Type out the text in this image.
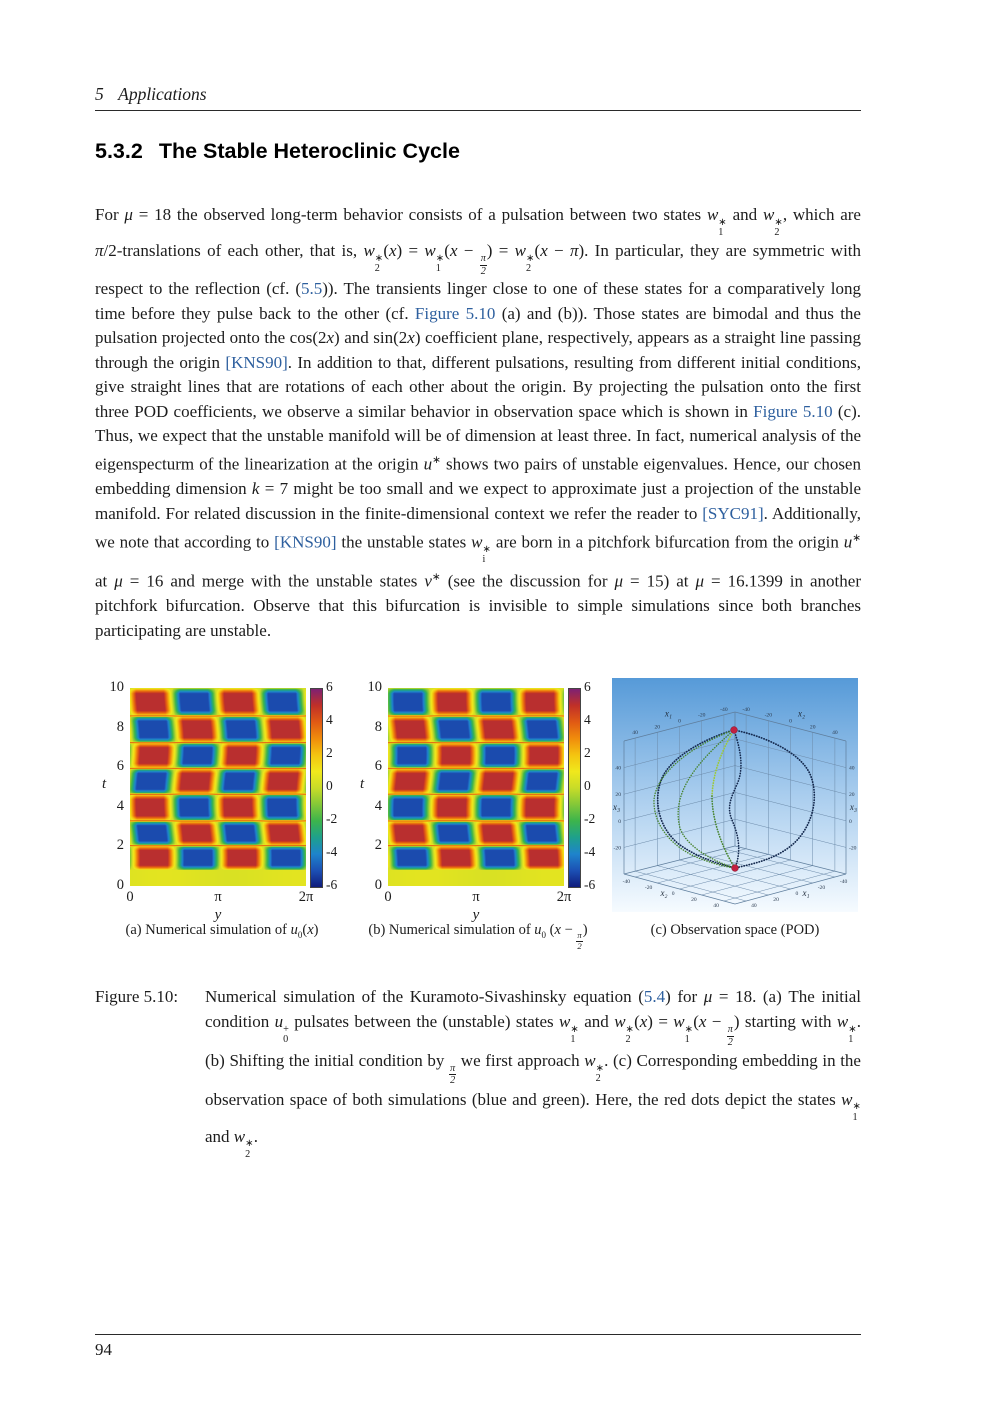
5 Applications
5.3.2 The Stable Heteroclinic Cycle

For μ = 18 the observed long-term behavior consists of a pulsation between two states w ∗
1
and w ∗
2
, which are π/2-translations of each other, that is, w ∗
2
(x) = w ∗
1
(x −
$\frac{\pi}{2}$
) = w ∗
2
(x − π). In particular, they are symmetric with respect to the reflection (cf. (5.5)). The transients linger close to one of these states for a comparatively long time before they pulse back to the other (cf. Figure 5.10 (a) and (b)). Those states are bimodal and thus the pulsation projected onto the cos(2x) and sin(2x) coefficient plane, respectively, appears as a straight line passing through the origin [KNS90]. In addition to that, different pulsations, resulting from different initial conditions, give straight lines that are rotations of each other about the origin. By projecting the pulsation onto the first three POD coefficients, we observe a similar behavior in observation space which is shown in Figure 5.10 (c). Thus, we expect that the unstable manifold will be of dimension at least three. In fact, numerical analysis of the eigenspecturm of the linearization at the origin u∗ shows two pairs of unstable eigenvalues. Hence, our chosen embedding dimension k = 7 might be too small and we expect to approximate just a projection of the unstable manifold. For related discussion in the finite-dimensional context we refer the reader to [SYC91]. Additionally, we note that according to [KNS90] the unstable states w ∗
i
are born in a pitchfork bifurcation from the origin u∗ at μ = 16 and merge with the unstable states v∗ (see the discussion for μ = 15) at μ = 16.1399 in another pitchfork bifurcation. Observe that this bifurcation is invisible to simple simulations since both branches participating are unstable.

10
8
6
4
2
0
t
0	π	2π
y
6
4
2
0
-2
-4
-6
10
8
6
4
2
0
t
0	π	2π
y
6
4
2
0
-2
-4
-6
40
20
0
-20
-40	-40
-20
0
20
40
40
20
0
-20
40
20
0
-20
-40
-20
0
20
40	40
20
0
-20
-40
x₁	x₂
x₃	x₃
x₂	x₁
(a) Numerical simulation of $u_0(x)$	(b) Numerical simulation of $u_0$ (x −
$\frac{\pi}{2}$
)	(c) Observation space (POD)
Figure 5.10:	Numerical simulation of the Kuramoto-Sivashinsky equation (5.4) for μ = 18. (a) The initial condition u +
0
pulsates between the (unstable) states w ∗
1
and w ∗
2
(x) = w ∗
1
(x −
$\frac{\pi}{2}$
) starting with w ∗
1
. (b) Shifting the initial condition by
$\frac{\pi}{2}$
we first approach w ∗
2
. (c) Corresponding embedding in the observation space of both simulations (blue and green). Here, the red dots depict the states w ∗
1
and w ∗
2
.
94
